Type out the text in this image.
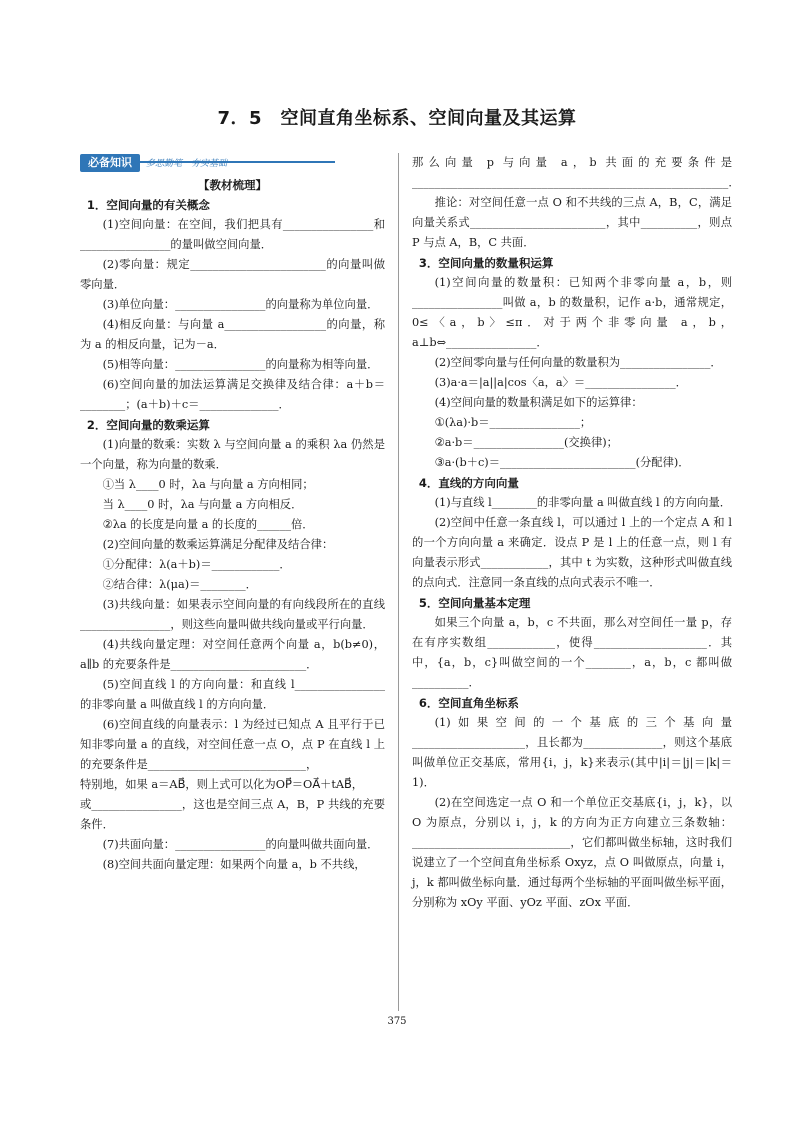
7．5　空间直角坐标系、空间向量及其运算
必备知识 多思勤笔　夯实基础

【教材梳理】

1．空间向量的有关概念

(1)空间向量：在空间，我们把具有________________和________________的量叫做空间向量．

(2)零向量：规定________________________的向量叫做零向量．

(3)单位向量：________________的向量称为单位向量．

(4)相反向量：与向量 a__________________的向量，称为 a 的相反向量，记为－a．

(5)相等向量：________________的向量称为相等向量．

(6)空间向量的加法运算满足交换律及结合律：a＋b＝________；(a＋b)＋c＝______________．

2．空间向量的数乘运算

(1)向量的数乘：实数 λ 与空间向量 a 的乘积 λa 仍然是一个向量，称为向量的数乘．

①当 λ____0 时，λa 与向量 a 方向相同；

当 λ____0 时，λa 与向量 a 方向相反．

②λa 的长度是向量 a 的长度的______倍．

(2)空间向量的数乘运算满足分配律及结合律：

①分配律：λ(a＋b)＝____________．

②结合律：λ(μa)＝________．

(3)共线向量：如果表示空间向量的有向线段所在的直线________________，则这些向量叫做共线向量或平行向量．

(4)共线向量定理：对空间任意两个向量 a，b(b≠0)，a∥b 的充要条件是________________________．

(5)空间直线 l 的方向向量：和直线 l________________的非零向量 a 叫做直线 l 的方向向量．

(6)空间直线的向量表示：l 为经过已知点 A 且平行于已知非零向量 a 的直线，对空间任意一点 O，点 P 在直线 l 上的充要条件是____________________________，

特别地，如果 a＝AB⃗，则上式可以化为OP⃗＝OA⃗＋tAB⃗，

或________________，这也是空间三点 A，B，P 共线的充要条件．

(7)共面向量：________________的向量叫做共面向量．

(8)空间共面向量定理：如果两个向量 a，b 不共线，

那么向量 p 与向量 a，b 共面的充要条件是________________________________________________________．

推论：对空间任意一点 O 和不共线的三点 A，B，C，满足向量关系式________________________，其中__________，则点 P 与点 A，B，C 共面．

3．空间向量的数量积运算

(1)空间向量的数量积：已知两个非零向量 a，b，则________________叫做 a，b 的数量积，记作 a·b，通常规定，0≤〈a，b〉≤π．对于两个非零向量 a，b，a⊥b⇔________________．

(2)空间零向量与任何向量的数量积为________________．

(3)a·a＝|a||a|cos〈a，a〉＝________________．

(4)空间向量的数量积满足如下的运算律：

①(λa)·b＝________________；

②a·b＝________________(交换律)；

③a·(b＋c)＝________________________(分配律)．

4．直线的方向向量

(1)与直线 l________的非零向量 a 叫做直线 l 的方向向量．

(2)空间中任意一条直线 l，可以通过 l 上的一个定点 A 和 l 的一个方向向量 a 来确定．设点 P 是 l 上的任意一点，则 l 有向量表示形式____________，其中 t 为实数，这种形式叫做直线的点向式．注意同一条直线的点向式表示不唯一．

5．空间向量基本定理

如果三个向量 a，b，c 不共面，那么对空间任一量 p，存在有序实数组____________，使得____________________．其中，{a，b，c}叫做空间的一个________，a，b，c 都叫做__________．

6．空间直角坐标系

(1)如果空间的一个基底的三个基向量____________________，且长都为______________，则这个基底叫做单位正交基底，常用{i，j，k}来表示(其中|i|＝|j|＝|k|＝1)．

(2)在空间选定一点 O 和一个单位正交基底{i，j，k}，以 O 为原点，分别以 i，j，k 的方向为正方向建立三条数轴：____________________________，它们都叫做坐标轴，这时我们说建立了一个空间直角坐标系 Oxyz，点 O 叫做原点，向量 i，j，k 都叫做坐标向量．通过每两个坐标轴的平面叫做坐标平面，分别称为 xOy 平面、yOz 平面、zOx 平面．

375
